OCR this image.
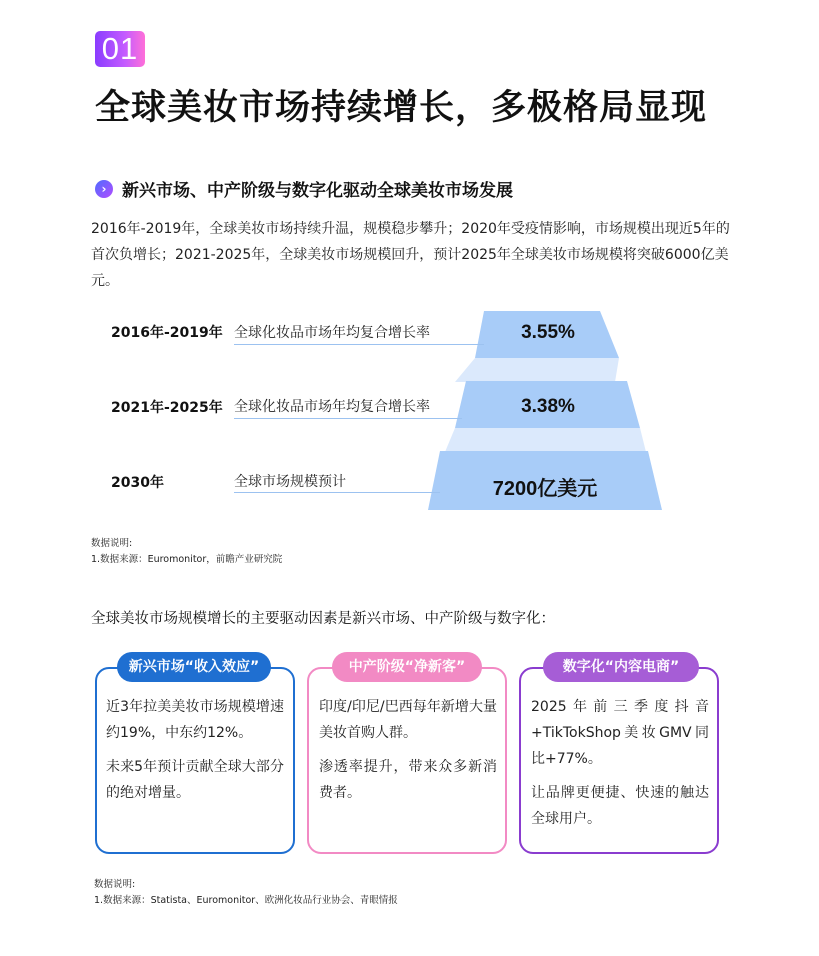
01
全球美妆市场持续增长，多极格局显现
› 新兴市场、中产阶级与数字化驱动全球美妆市场发展

2016年-2019年，全球美妆市场持续升温，规模稳步攀升；2020年受疫情影响，市场规模出现近5年的首次负增长；2021-2025年，全球美妆市场规模回升，预计2025年全球美妆市场规模将突破6000亿美元。

2016年-2019年 全球化妆品市场年均复合增长率	3.55%
2021年-2025年 全球化妆品市场年均复合增长率	3.38%
2030年	全球市场规模预计	7200亿美元
数据说明:
1.数据来源：Euromonitor，前瞻产业研究院
全球美妆市场规模增长的主要驱动因素是新兴市场、中产阶级与数字化：
新兴市场“收入效应”

近3年拉美美妆市场规模增速约19%，中东约12%。

未来5年预计贡献全球大部分的绝对增量。

中产阶级“净新客”

印度/印尼/巴西每年新增大量美妆首购人群。

渗透率提升，带来众多新消费者。

数字化“内容电商”

2025年前三季度抖音+TikTokShop美妆GMV同比+77%。

让品牌更便捷、快速的触达全球用户。

数据说明:
1.数据来源：Statista、Euromonitor、欧洲化妆品行业协会、青眼情报
